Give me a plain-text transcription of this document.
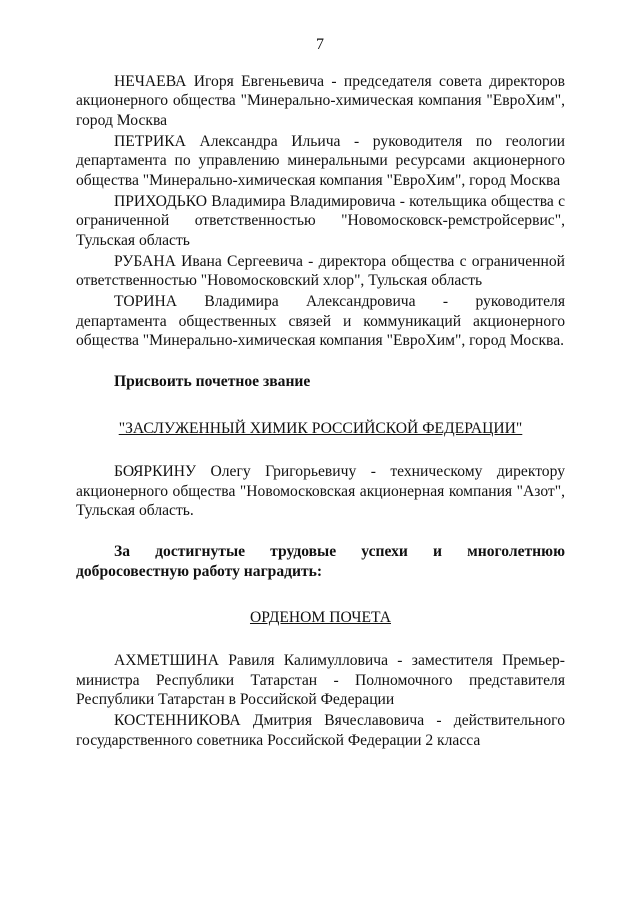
7

НЕЧАЕВА Игоря Евгеньевича - председателя совета директоров акционерного общества "Минерально-химическая компания "ЕвроХим", город Москва

ПЕТРИКА Александра Ильича - руководителя по геологии департамента по управлению минеральными ресурсами акционерного общества "Минерально-химическая компания "ЕвроХим", город Москва

ПРИХОДЬКО Владимира Владимировича - котельщика общества с ограниченной ответственностью "Новомосковск-ремстройсервис", Тульская область

РУБАНА Ивана Сергеевича - директора общества с ограниченной ответственностью "Новомосковский хлор", Тульская область

ТОРИНА Владимира Александровича - руководителя департамента общественных связей и коммуникаций акционерного общества "Минерально-химическая компания "ЕвроХим", город Москва.

Присвоить почетное звание

"ЗАСЛУЖЕННЫЙ ХИМИК РОССИЙСКОЙ ФЕДЕРАЦИИ"

БОЯРКИНУ Олегу Григорьевичу - техническому директору акционерного общества "Новомосковская акционерная компания "Азот", Тульская область.

За достигнутые трудовые успехи и многолетнюю добросовестную работу наградить:

ОРДЕНОМ ПОЧЕТА

АХМЕТШИНА Равиля Калимулловича - заместителя Премьер-министра Республики Татарстан - Полномочного представителя Республики Татарстан в Российской Федерации

КОСТЕННИКОВА Дмитрия Вячеславовича - действительного государственного советника Российской Федерации 2 класса
